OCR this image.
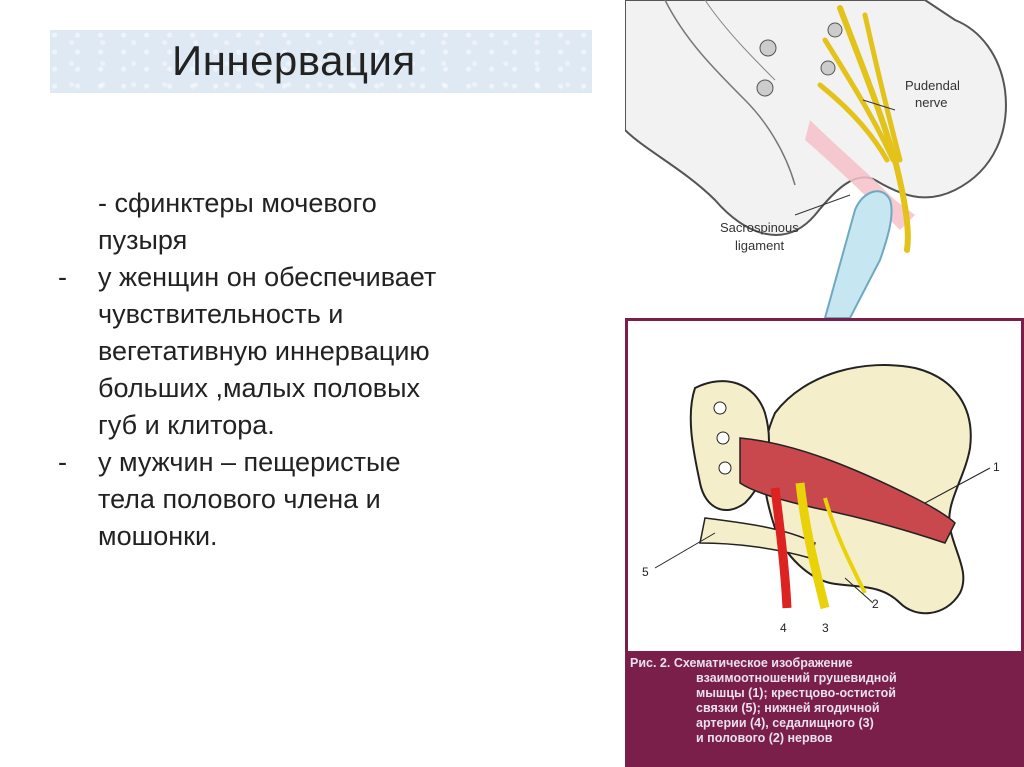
Иннервация
- сфинктеры мочевого
пузыря
-	у женщин он обеспечивает
чувствительность и
вегетативную иннервацию
больших ,малых половых
губ и клитора.
-	у мужчин – пещеристые
тела полового члена и
мошонки.
Pudendal
nerve
Sacrospinous
ligament
1
2
3
4
5
Рис. 2. Схематическое изображение
взаимоотношений грушевидной
мышцы (1); крестцово-остистой
связки (5); нижней ягодичной
артерии (4), седалищного (3)
и полового (2) нервов
